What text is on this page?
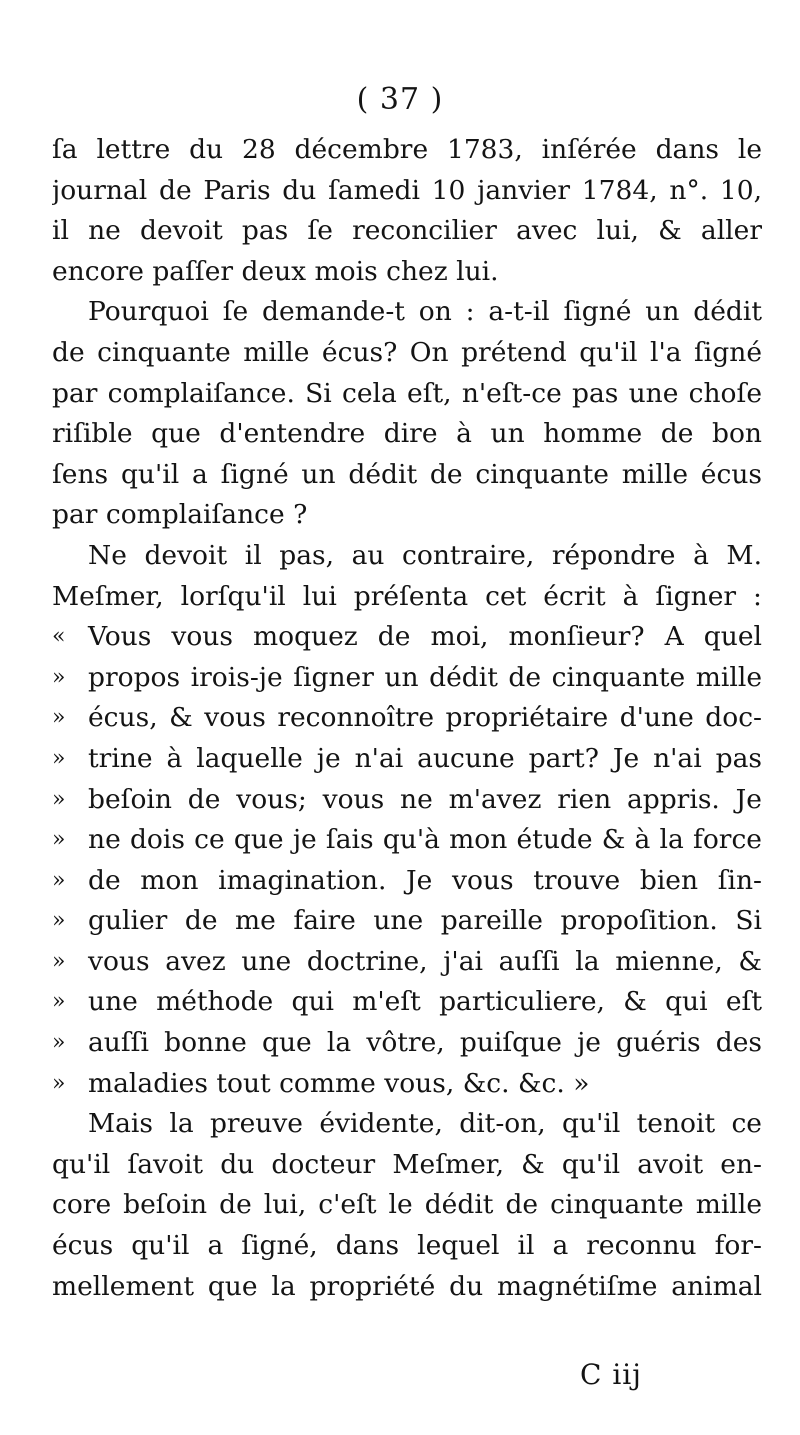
( 37 )
ſa lettre du 28 décembre 1783, inſérée dans le
journal de Paris du ſamedi 10 janvier 1784, n°. 10,
il ne devoit pas ſe reconcilier avec lui, & aller
encore paſſer deux mois chez lui.
Pourquoi ſe demande-t on : a-t-il ſigné un dédit
de cinquante mille écus? On prétend qu'il l'a ſigné
par complaiſance. Si cela eſt, n'eſt-ce pas une choſe
riſible que d'entendre dire à un homme de bon
ſens qu'il a ſigné un dédit de cinquante mille écus
par complaiſance ?
Ne devoit il pas, au contraire, répondre à M.
Meſmer, lorſqu'il lui préſenta cet écrit à ſigner :
« Vous vous moquez de moi, monſieur? A quel
» propos irois-je ſigner un dédit de cinquante mille
» écus, & vous reconnoître propriétaire d'une doc-
» trine à laquelle je n'ai aucune part? Je n'ai pas
» beſoin de vous; vous ne m'avez rien appris. Je
» ne dois ce que je ſais qu'à mon étude & à la force
» de mon imagination. Je vous trouve bien ſin-
» gulier de me faire une pareille propoſition. Si
» vous avez une doctrine, j'ai auſſi la mienne, &
» une méthode qui m'eſt particuliere, & qui eſt
» auſſi bonne que la vôtre, puiſque je guéris des
» maladies tout comme vous, &c. &c. »
Mais la preuve évidente, dit-on, qu'il tenoit ce
qu'il ſavoit du docteur Meſmer, & qu'il avoit en-
core beſoin de lui, c'eſt le dédit de cinquante mille
écus qu'il a ſigné, dans lequel il a reconnu for-
mellement que la propriété du magnétiſme animal
C iij
